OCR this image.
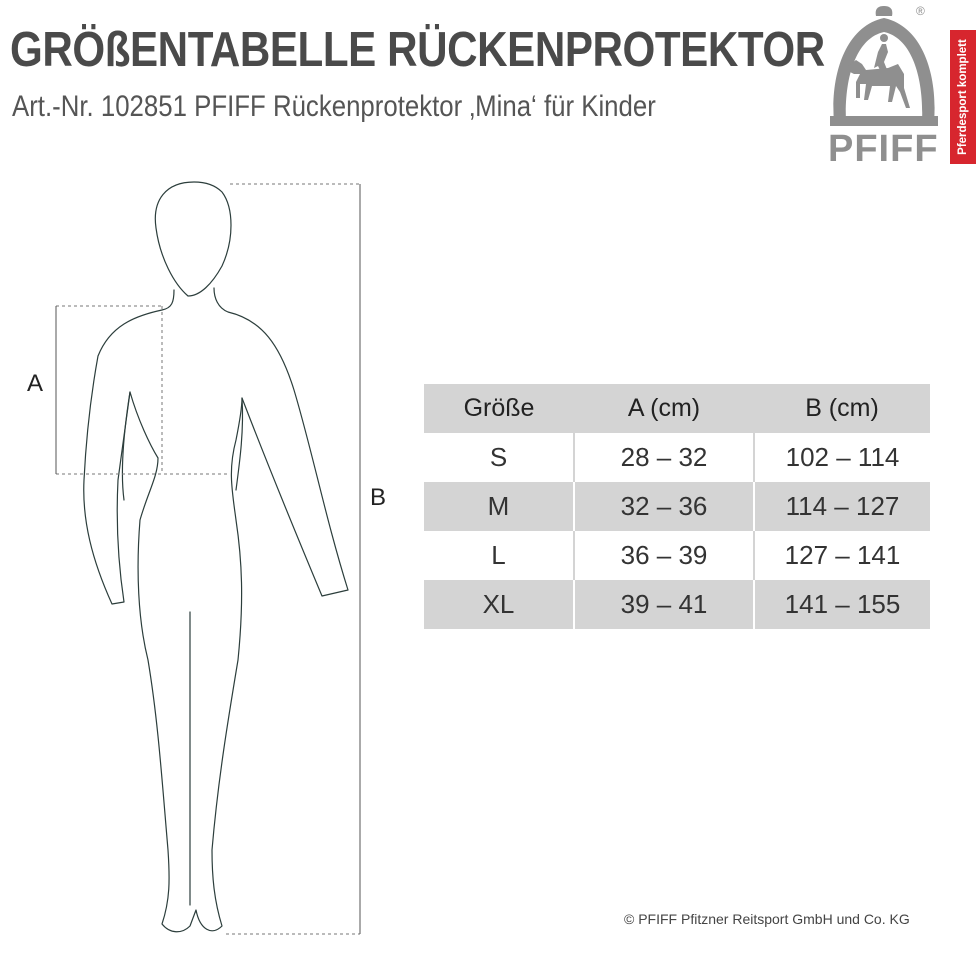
GRÖßENTABELLE RÜCKENPROTEKTOR
Art.-Nr. 102851 PFIFF Rückenprotektor ‚Mina‘ für Kinder
®
PFIFF Pferdesport komplett
A
B
Größe	A (cm)	B (cm)
S	28 – 32	102 – 114
M	32 – 36	114 – 127
L	36 – 39	127 – 141
XL	39 – 41	141 – 155
© PFIFF Pfitzner Reitsport GmbH und Co. KG
